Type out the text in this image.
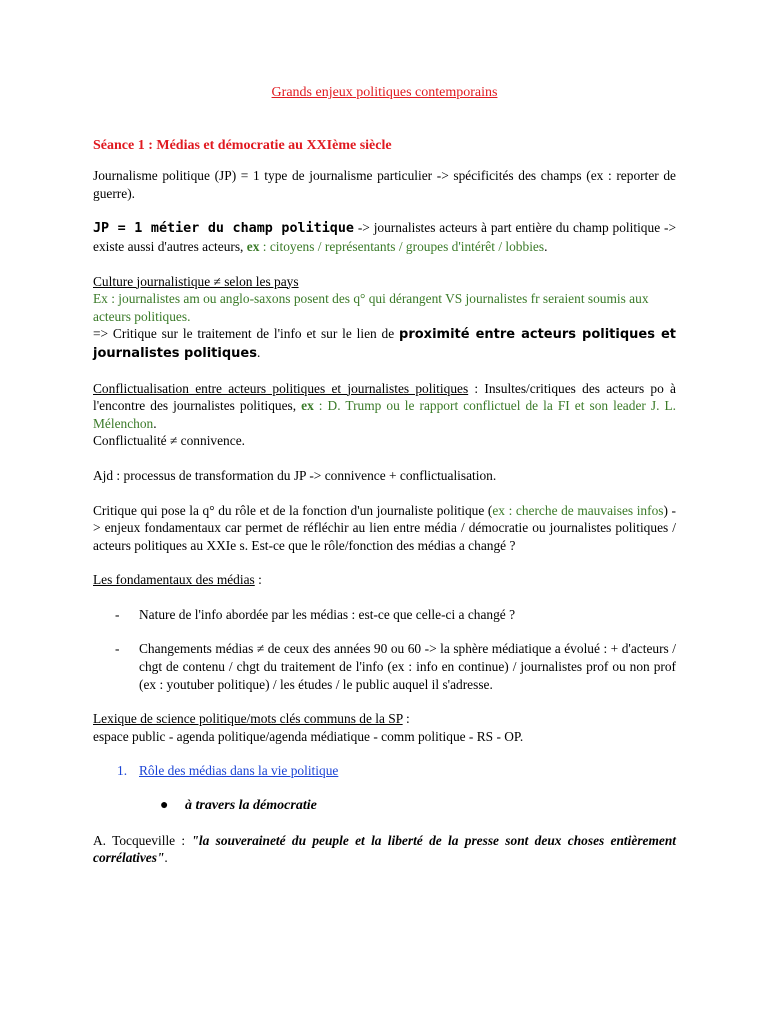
Grands enjeux politiques contemporains

Séance 1 : Médias et démocratie au XXIème siècle

Journalisme politique (JP) = 1 type de journalisme particulier -> spécificités des champs (ex : reporter de guerre).

JP = 1 métier du champ politique -> journalistes acteurs à part entière du champ politique -> existe aussi d'autres acteurs, ex : citoyens / représentants / groupes d'intérêt / lobbies.

Culture journalistique ≠ selon les pays

Ex : journalistes am ou anglo-saxons posent des q° qui dérangent VS journalistes fr seraient soumis aux acteurs politiques.

=> Critique sur le traitement de l'info et sur le lien de proximité entre acteurs politiques et journalistes politiques.

Conflictualisation entre acteurs politiques et journalistes politiques : Insultes/critiques des acteurs po à l'encontre des journalistes politiques, ex : D. Trump ou le rapport conflictuel de la FI et son leader J. L. Mélenchon.

Conflictualité ≠ connivence.

Ajd : processus de transformation du JP -> connivence + conflictualisation.

Critique qui pose la q° du rôle et de la fonction d'un journaliste politique (ex : cherche de mauvaises infos) -> enjeux fondamentaux car permet de réfléchir au lien entre média / démocratie ou journalistes politiques / acteurs politiques au XXIe s. Est-ce que le rôle/fonction des médias a changé ?

Les fondamentaux des médias :

- Nature de l'info abordée par les médias : est-ce que celle-ci a changé ?
- Changements médias ≠ de ceux des années 90 ou 60 -> la sphère médiatique a évolué : + d'acteurs / chgt de contenu / chgt du traitement de l'info (ex : info en continue) / journalistes prof ou non prof (ex : youtuber politique) / les études / le public auquel il s'adresse.

Lexique de science politique/mots clés communs de la SP :

espace public - agenda politique/agenda médiatique - comm politique - RS - OP.

1. Rôle des médias dans la vie politique
● à travers la démocratie

A. Tocqueville : "la souveraineté du peuple et la liberté de la presse sont deux choses entièrement corrélatives".
